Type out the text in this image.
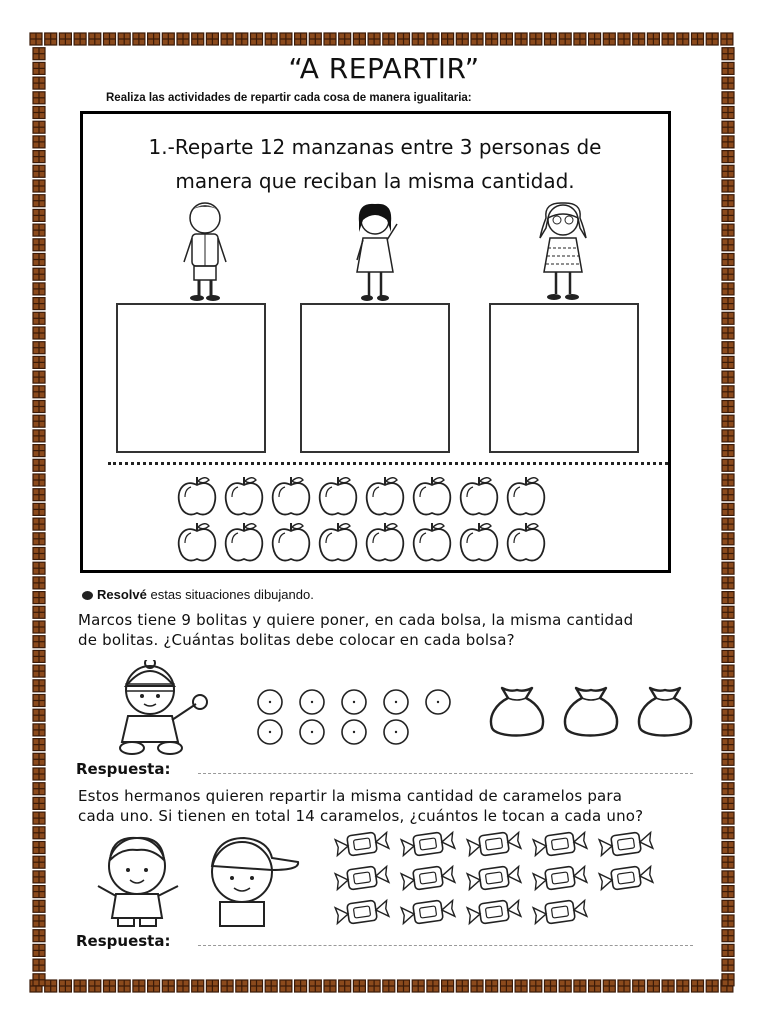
“A REPARTIR”
Realiza las actividades de repartir cada cosa de manera igualitaria:
1.-Reparte 12 manzanas entre 3 personas de
manera que reciban la misma cantidad.
Resolvé estas situaciones dibujando.
Marcos tiene 9 bolitas y quiere poner, en cada bolsa, la misma cantidad
de bolitas. ¿Cuántas bolitas debe colocar en cada bolsa?
Respuesta:
Estos hermanos quieren repartir la misma cantidad de caramelos para
cada uno. Si tienen en total 14 caramelos, ¿cuántos le tocan a cada uno?
Respuesta:
